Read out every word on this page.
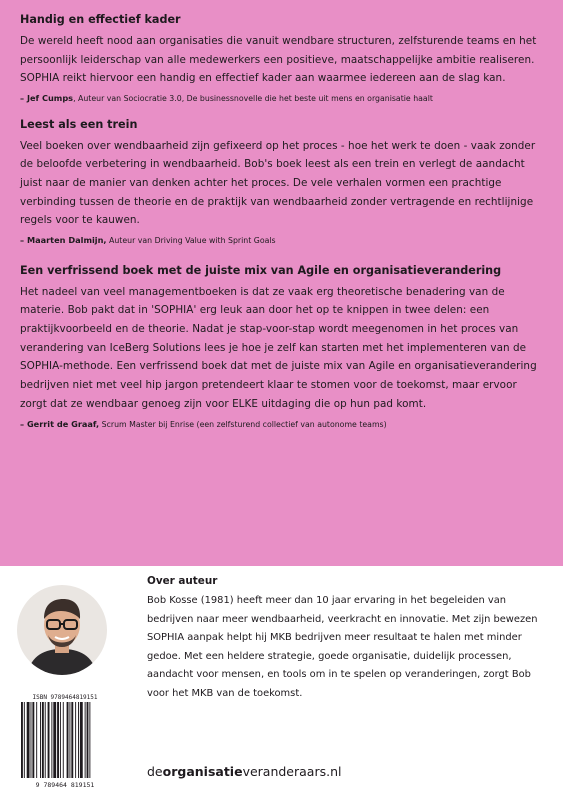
Handig en effectief kader

De wereld heeft nood aan organisaties die vanuit wendbare structuren, zelfsturende teams en het persoonlijk leiderschap van alle medewerkers een positieve, maatschappelijke ambitie realiseren. SOPHIA reikt hiervoor een handig en effectief kader aan waarmee iedereen aan de slag kan.

– Jef Cumps, Auteur van Sociocratie 3.0, De businessnovelle die het beste uit mens en organisatie haalt

Leest als een trein

Veel boeken over wendbaarheid zijn gefixeerd op het proces - hoe het werk te doen - vaak zonder de beloofde verbetering in wendbaarheid. Bob's boek leest als een trein en verlegt de aandacht juist naar de manier van denken achter het proces. De vele verhalen vormen een prachtige verbinding tussen de theorie en de praktijk van wendbaarheid zonder vertragende en rechtlijnige regels voor te kauwen.

– Maarten Dalmijn, Auteur van Driving Value with Sprint Goals

Een verfrissend boek met de juiste mix van Agile en organisatieverandering

Het nadeel van veel managementboeken is dat ze vaak erg theoretische benadering van de materie. Bob pakt dat in 'SOPHIA' erg leuk aan door het op te knippen in twee delen: een praktijkvoorbeeld en de theorie. Nadat je stap-voor-stap wordt meegenomen in het proces van verandering van IceBerg Solutions lees je hoe je zelf kan starten met het implementeren van de SOPHIA-methode. Een verfrissend boek dat met de juiste mix van Agile en organisatieverandering bedrijven niet met veel hip jargon pretendeert klaar te stomen voor de toekomst, maar ervoor zorgt dat ze wendbaar genoeg zijn voor ELKE uitdaging die op hun pad komt.

– Gerrit de Graaf, Scrum Master bij Enrise (een zelfsturend collectief van autonome teams)

Over auteur

Bob Kosse (1981) heeft meer dan 10 jaar ervaring in het begeleiden van bedrijven naar meer wendbaarheid, veerkracht en innovatie. Met zijn bewezen SOPHIA aanpak helpt hij MKB bedrijven meer resultaat te halen met minder gedoe. Met een heldere strategie, goede organisatie, duidelijk processen, aandacht voor mensen, en tools om in te spelen op veranderingen, zorgt Bob voor het MKB van de toekomst.

ISBN 9789464819151
9 789464 819151
deorganisatieveranderaars.nl
